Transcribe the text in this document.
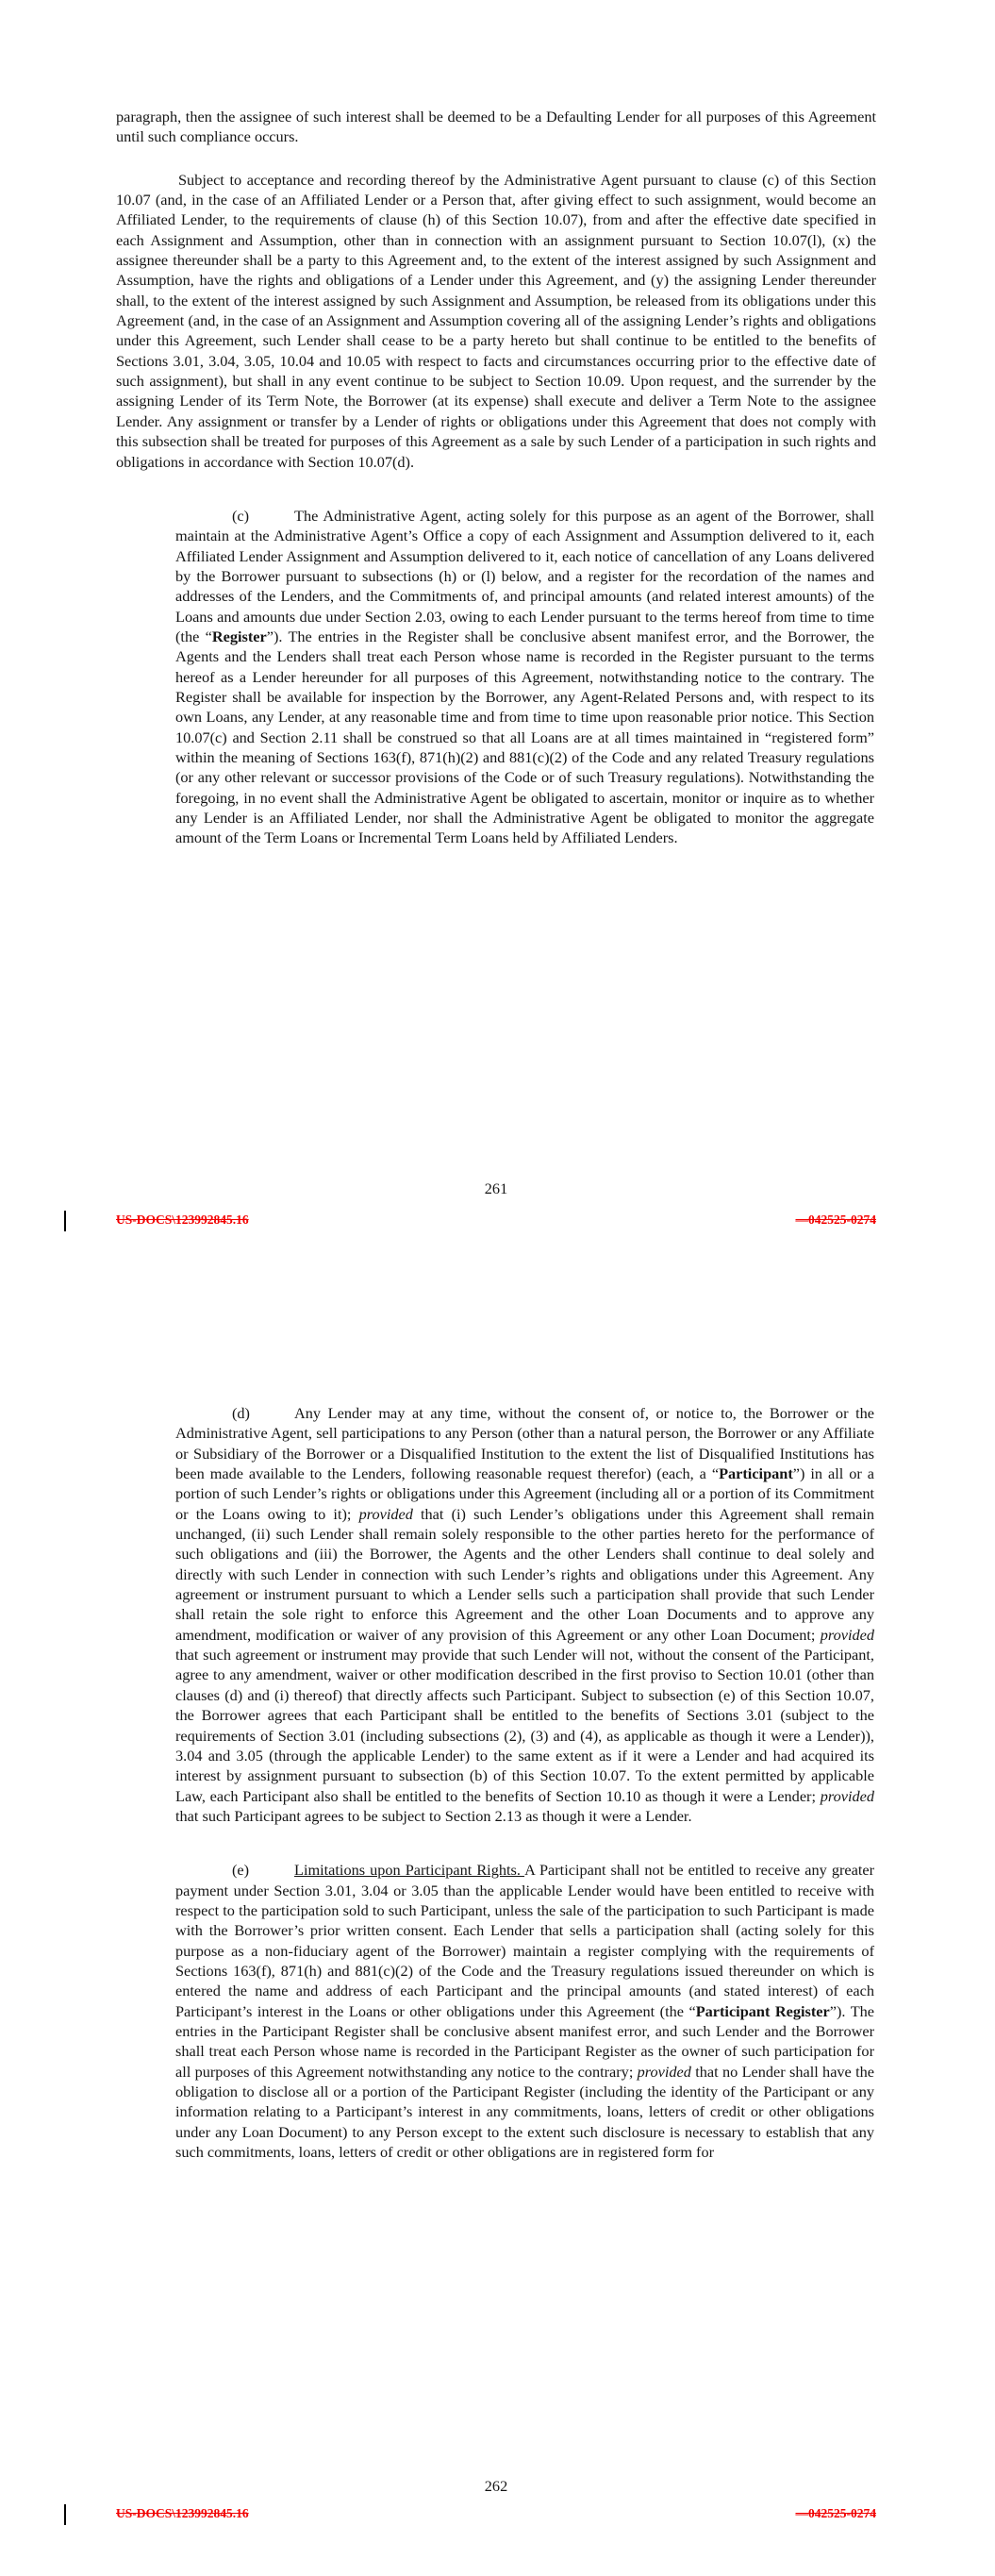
paragraph, then the assignee of such interest shall be deemed to be a Defaulting Lender for all purposes of this Agreement until such compliance occurs.

Subject to acceptance and recording thereof by the Administrative Agent pursuant to clause (c) of this Section 10.07 (and, in the case of an Affiliated Lender or a Person that, after giving effect to such assignment, would become an Affiliated Lender, to the requirements of clause (h) of this Section 10.07), from and after the effective date specified in each Assignment and Assumption, other than in connection with an assignment pursuant to Section 10.07(l), (x) the assignee thereunder shall be a party to this Agreement and, to the extent of the interest assigned by such Assignment and Assumption, have the rights and obligations of a Lender under this Agreement, and (y) the assigning Lender thereunder shall, to the extent of the interest assigned by such Assignment and Assumption, be released from its obligations under this Agreement (and, in the case of an Assignment and Assumption covering all of the assigning Lender’s rights and obligations under this Agreement, such Lender shall cease to be a party hereto but shall continue to be entitled to the benefits of Sections 3.01, 3.04, 3.05, 10.04 and 10.05 with respect to facts and circumstances occurring prior to the effective date of such assignment), but shall in any event continue to be subject to Section 10.09. Upon request, and the surrender by the assigning Lender of its Term Note, the Borrower (at its expense) shall execute and deliver a Term Note to the assignee Lender. Any assignment or transfer by a Lender of rights or obligations under this Agreement that does not comply with this subsection shall be treated for purposes of this Agreement as a sale by such Lender of a participation in such rights and obligations in accordance with Section 10.07(d).

(c)	The Administrative Agent, acting solely for this purpose as an agent of the Borrower, shall maintain at the Administrative Agent’s Office a copy of each Assignment and Assumption delivered to it, each Affiliated Lender Assignment and Assumption delivered to it, each notice of cancellation of any Loans delivered by the Borrower pursuant to subsections (h) or (l) below, and a register for the recordation of the names and addresses of the Lenders, and the Commitments of, and principal amounts (and related interest amounts) of the Loans and amounts due under Section 2.03, owing to each Lender pursuant to the terms hereof from time to time (the “Register”). The entries in the Register shall be conclusive absent manifest error, and the Borrower, the Agents and the Lenders shall treat each Person whose name is recorded in the Register pursuant to the terms hereof as a Lender hereunder for all purposes of this Agreement, notwithstanding notice to the contrary. The Register shall be available for inspection by the Borrower, any Agent-Related Persons and, with respect to its own Loans, any Lender, at any reasonable time and from time to time upon reasonable prior notice. This Section 10.07(c) and Section 2.11 shall be construed so that all Loans are at all times maintained in “registered form” within the meaning of Sections 163(f), 871(h)(2) and 881(c)(2) of the Code and any related Treasury regulations (or any other relevant or successor provisions of the Code or of such Treasury regulations). Notwithstanding the foregoing, in no event shall the Administrative Agent be obligated to ascertain, monitor or inquire as to whether any Lender is an Affiliated Lender, nor shall the Administrative Agent be obligated to monitor the aggregate amount of the Term Loans or Incremental Term Loans held by Affiliated Lenders.

261
US-DOCS\123992845.16	—042525-0274

(d)	Any Lender may at any time, without the consent of, or notice to, the Borrower or the Administrative Agent, sell participations to any Person (other than a natural person, the Borrower or any Affiliate or Subsidiary of the Borrower or a Disqualified Institution to the extent the list of Disqualified Institutions has been made available to the Lenders, following reasonable request therefor) (each, a “Participant”) in all or a portion of such Lender’s rights or obligations under this Agreement (including all or a portion of its Commitment or the Loans owing to it); provided that (i) such Lender’s obligations under this Agreement shall remain unchanged, (ii) such Lender shall remain solely responsible to the other parties hereto for the performance of such obligations and (iii) the Borrower, the Agents and the other Lenders shall continue to deal solely and directly with such Lender in connection with such Lender’s rights and obligations under this Agreement. Any agreement or instrument pursuant to which a Lender sells such a participation shall provide that such Lender shall retain the sole right to enforce this Agreement and the other Loan Documents and to approve any amendment, modification or waiver of any provision of this Agreement or any other Loan Document; provided that such agreement or instrument may provide that such Lender will not, without the consent of the Participant, agree to any amendment, waiver or other modification described in the first proviso to Section 10.01 (other than clauses (d) and (i) thereof) that directly affects such Participant. Subject to subsection (e) of this Section 10.07, the Borrower agrees that each Participant shall be entitled to the benefits of Sections 3.01 (subject to the requirements of Section 3.01 (including subsections (2), (3) and (4), as applicable as though it were a Lender)), 3.04 and 3.05 (through the applicable Lender) to the same extent as if it were a Lender and had acquired its interest by assignment pursuant to subsection (b) of this Section 10.07. To the extent permitted by applicable Law, each Participant also shall be entitled to the benefits of Section 10.10 as though it were a Lender; provided that such Participant agrees to be subject to Section 2.13 as though it were a Lender.

(e)	Limitations upon Participant Rights. A Participant shall not be entitled to receive any greater payment under Section 3.01, 3.04 or 3.05 than the applicable Lender would have been entitled to receive with respect to the participation sold to such Participant, unless the sale of the participation to such Participant is made with the Borrower’s prior written consent. Each Lender that sells a participation shall (acting solely for this purpose as a non-fiduciary agent of the Borrower) maintain a register complying with the requirements of Sections 163(f), 871(h) and 881(c)(2) of the Code and the Treasury regulations issued thereunder on which is entered the name and address of each Participant and the principal amounts (and stated interest) of each Participant’s interest in the Loans or other obligations under this Agreement (the “Participant Register”). The entries in the Participant Register shall be conclusive absent manifest error, and such Lender and the Borrower shall treat each Person whose name is recorded in the Participant Register as the owner of such participation for all purposes of this Agreement notwithstanding any notice to the contrary; provided that no Lender shall have the obligation to disclose all or a portion of the Participant Register (including the identity of the Participant or any information relating to a Participant’s interest in any commitments, loans, letters of credit or other obligations under any Loan Document) to any Person except to the extent such disclosure is necessary to establish that any such commitments, loans, letters of credit or other obligations are in registered form for

262
US-DOCS\123992845.16	—042525-0274
